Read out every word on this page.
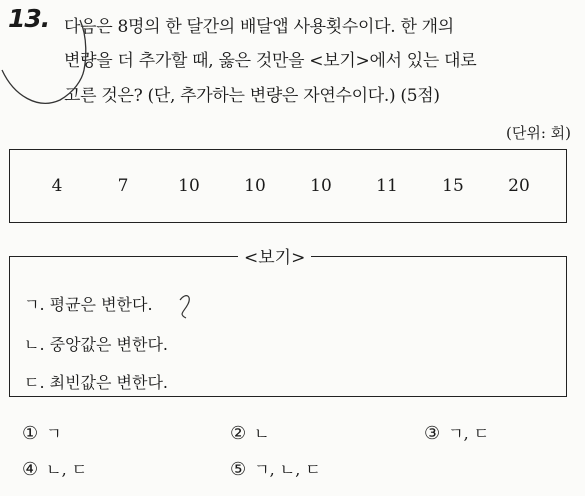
13. 다음은 8명의 한 달간의 배달앱 사용횟수이다. 한 개의
변량을 더 추가할 때, 옳은 것만을 <보기>에서 있는 대로
고른 것은? (단, 추가하는 변량은 자연수이다.) (5점)
(단위: 회)
4	7	10	10	10	11	15	20
<보기>
ㄱ. 평균은 변한다.
ㄴ. 중앙값은 변한다.
ㄷ. 최빈값은 변한다.
① ㄱ	② ㄴ	③ ㄱ, ㄷ
④ ㄴ, ㄷ	⑤ ㄱ, ㄴ, ㄷ
